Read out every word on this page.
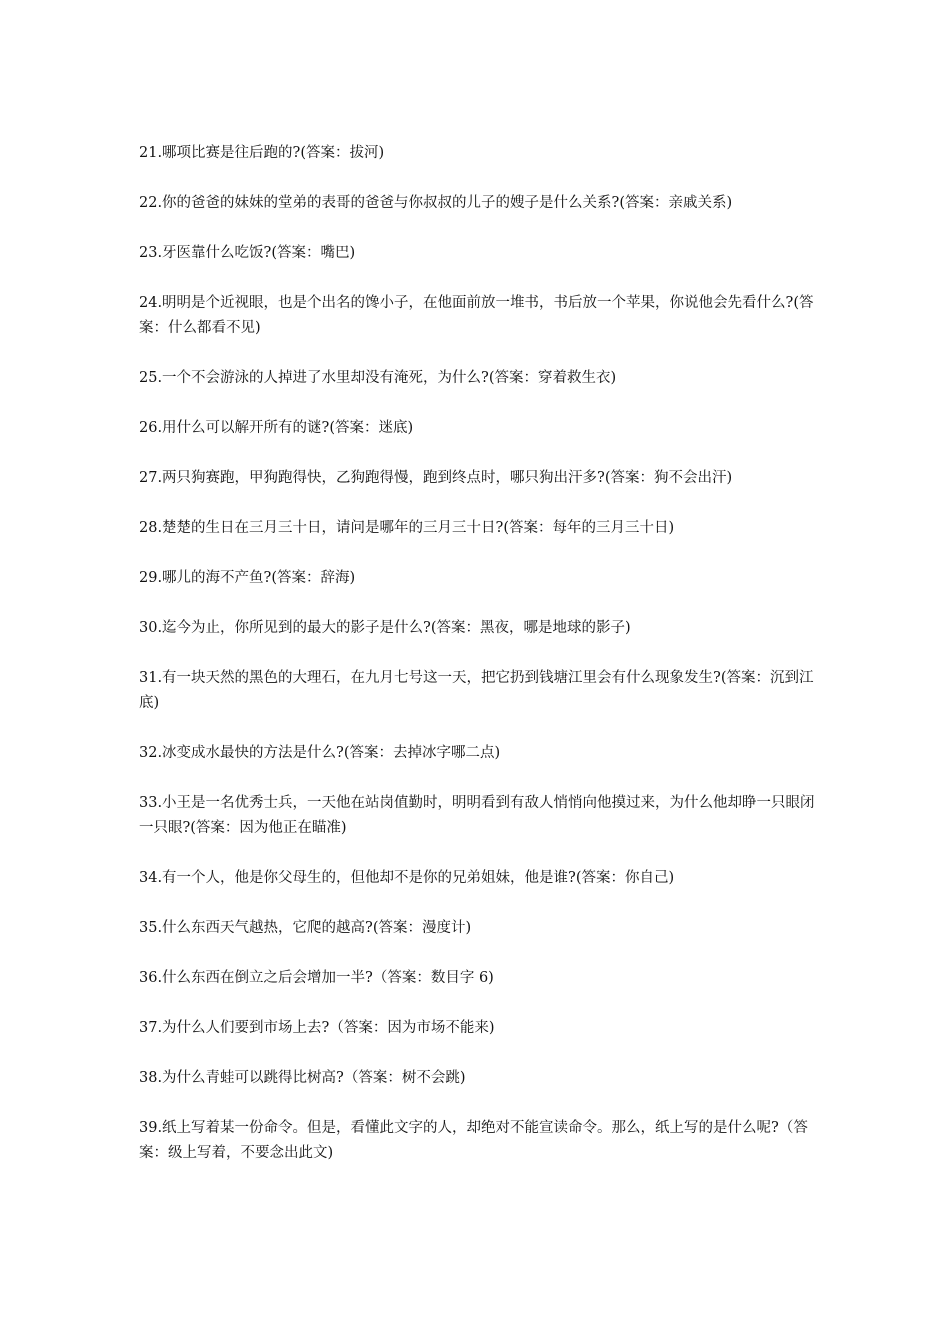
21.哪项比赛是往后跑的?(答案：拔河)

22.你的爸爸的妹妹的堂弟的表哥的爸爸与你叔叔的儿子的嫂子是什么关系?(答案：亲戚关系)

23.牙医靠什么吃饭?(答案：嘴巴)

24.明明是个近视眼，也是个出名的馋小子，在他面前放一堆书，书后放一个苹果，你说他会先看什么?(答案：什么都看不见)

25.一个不会游泳的人掉进了水里却没有淹死，为什么?(答案：穿着救生衣)

26.用什么可以解开所有的谜?(答案：迷底)

27.两只狗赛跑，甲狗跑得快，乙狗跑得慢，跑到终点时，哪只狗出汗多?(答案：狗不会出汗)

28.楚楚的生日在三月三十日，请问是哪年的三月三十日?(答案：每年的三月三十日)

29.哪儿的海不产鱼?(答案：辞海)

30.迄今为止，你所见到的最大的影子是什么?(答案：黑夜，哪是地球的影子)

31.有一块天然的黑色的大理石，在九月七号这一天，把它扔到钱塘江里会有什么现象发生?(答案：沉到江底)

32.冰变成水最快的方法是什么?(答案：去掉冰字哪二点)

33.小王是一名优秀士兵，一天他在站岗值勤时，明明看到有敌人悄悄向他摸过来，为什么他却睁一只眼闭一只眼?(答案：因为他正在瞄准)

34.有一个人，他是你父母生的，但他却不是你的兄弟姐妹，他是谁?(答案：你自己)

35.什么东西天气越热，它爬的越高?(答案：漫度计)

36.什么东西在倒立之后会增加一半?（答案：数目字 6)

37.为什么人们要到市场上去?（答案：因为市场不能来)

38.为什么青蛙可以跳得比树高?（答案：树不会跳)

39.纸上写着某一份命令。但是，看懂此文字的人，却绝对不能宣读命令。那么，纸上写的是什么呢?（答案：级上写着，不要念出此文)
